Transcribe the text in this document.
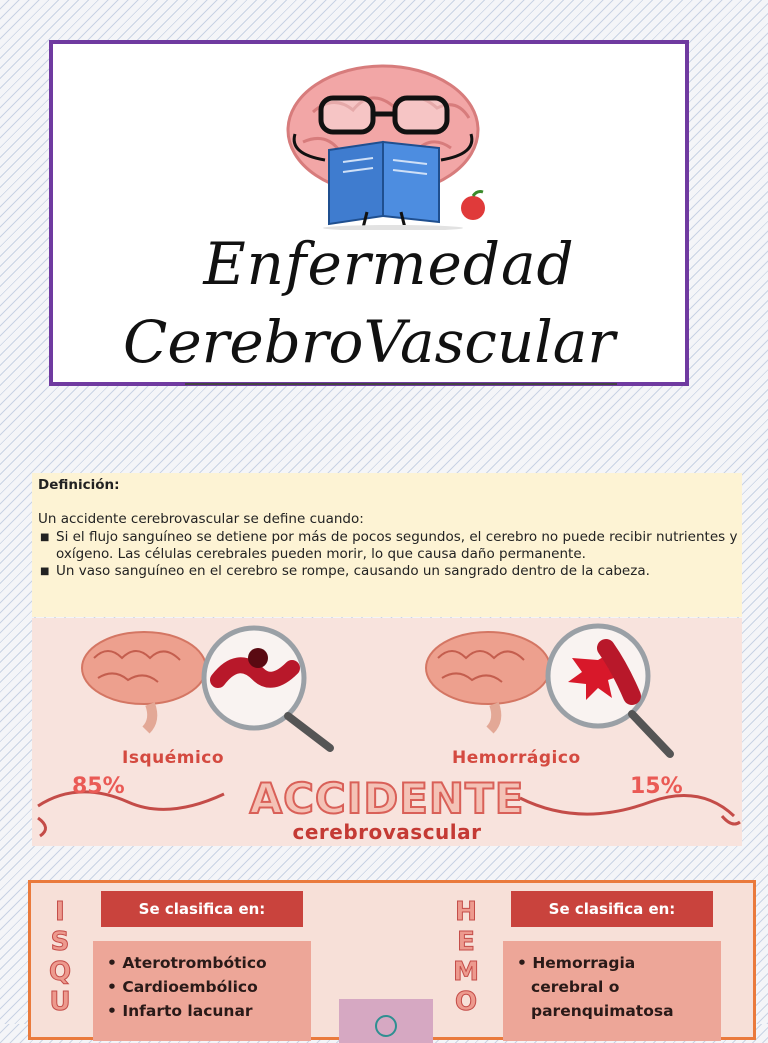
Enfermedad
CerebroVascular
Definición:
Un accidente cerebrovascular se define cuando:
■ Si el flujo sanguíneo se detiene por más de pocos segundos, el cerebro no puede recibir nutrientes y oxígeno. Las células cerebrales pueden morir, lo que causa daño permanente.
■ Un vaso sanguíneo en el cerebro se rompe, causando un sangrado dentro de la cabeza.
Isquémico
85%
Hemorrágico
15%
ACCIDENTE
cerebrovascular
I
S
Q
U
Se clasifica en:
• Aterotrombótico
• Cardioembólico
• Infarto lacunar
H
E
M
O
Se clasifica en:
• Hemorragia
cerebral o
parenquimatosa
